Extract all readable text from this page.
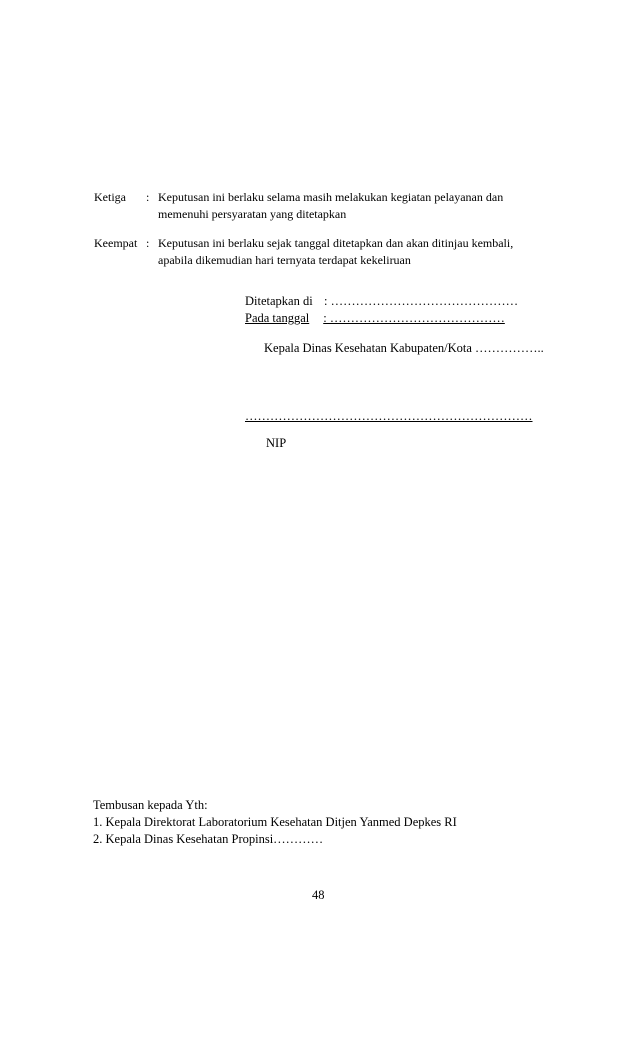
Ketiga : Keputusan ini berlaku selama masih melakukan kegiatan pelayanan dan
memenuhi persyaratan yang ditetapkan
Keempat : Keputusan ini berlaku sejak tanggal ditetapkan dan akan ditinjau kembali,
apabila dikemudian hari ternyata terdapat kekeliruan
Ditetapkan di : ………………………………………
Pada tanggal : ……………………………………
Kepala Dinas Kesehatan Kabupaten/Kota ……………..
……………………………………………………………
NIP
Tembusan kepada Yth:
1. Kepala Direktorat Laboratorium Kesehatan Ditjen Yanmed Depkes RI
2. Kepala Dinas Kesehatan Propinsi…………
48
